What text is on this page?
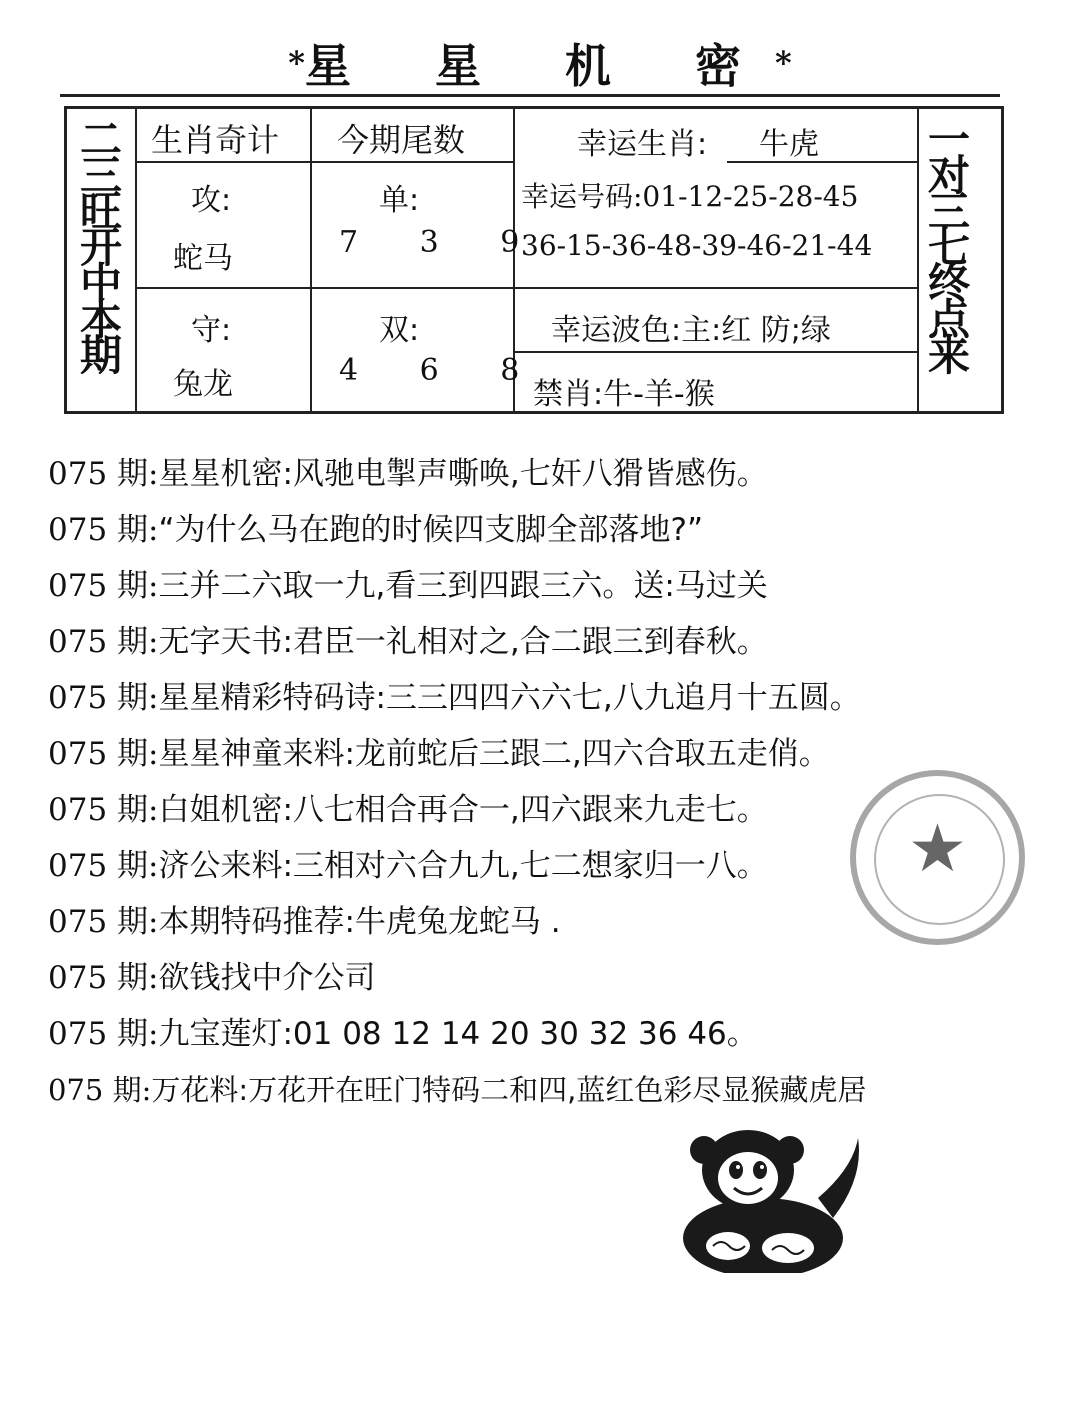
*星 星 机 密*
二三旺开中本期	一对三七终点来
生肖奇计 今期尾数	幸运生肖: 牛虎
攻:
蛇马
单:
7 3 9
幸运号码:01-12-25-28-45
36-15-36-48-39-46-21-44
守:
兔龙
双:
4 6 8
幸运波色:主:红 防;绿
禁肖:牛-羊-猴
075 期:星星机密:风驰电掣声嘶唤,七奸八猾皆感伤。
075 期:“为什么马在跑的时候四支脚全部落地?”
075 期:三并二六取一九,看三到四跟三六。送:马过关
075 期:无字天书:君臣一礼相对之,合二跟三到春秋。
075 期:星星精彩特码诗:三三四四六六七,八九追月十五圆。
075 期:星星神童来料:龙前蛇后三跟二,四六合取五走俏。
075 期:白姐机密:八七相合再合一,四六跟来九走七。
075 期:济公来料:三相对六合九九,七二想家归一八。
075 期:本期特码推荐:牛虎兔龙蛇马 .
075 期:欲钱找中介公司
075 期:九宝莲灯:01 08 12 14 20 30 32 36 46。
075 期:万花料:万花开在旺门特码二和四,蓝红色彩尽显猴藏虎居
★
